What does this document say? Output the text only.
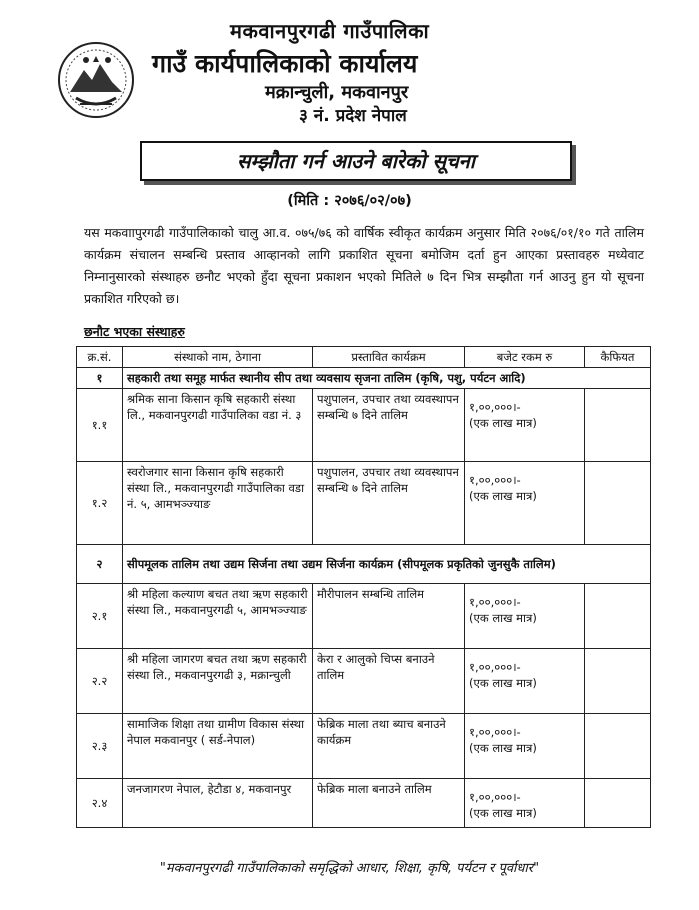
मकवानपुरगढी गाउँपालिका
गाउँ कार्यपालिकाको कार्यालय
मक्रान्चुली, मकवानपुर
३ नं. प्रदेश नेपाल
सम्झौता गर्न आउने बारेको सूचना
(मिति : २०७६/०२/०७)
यस मकवाापुरगढी गाउँपालिकाको चालु आ.व. ०७५/७६ को वार्षिक स्वीकृत कार्यक्रम अनुसार मिति २०७६/०१/१० गते तालिम कार्यक्रम संचालन सम्बन्धि प्रस्ताव आव्हानको लागि प्रकाशित सूचना बमोजिम दर्ता हुन आएका प्रस्तावहरु मध्येवाट निम्नानुसारको संस्थाहरु छनौट भएको हुँदा सूचना प्रकाशन भएको मितिले ७ दिन भित्र सम्झौता गर्न आउनु हुन यो सूचना प्रकाशित गरिएको छ।
छनौट भएका संस्थाहरु
क्र.सं.	संस्थाको नाम, ठेगाना	प्रस्तावित कार्यक्रम	बजेट रकम रु	कैफियत
१	सहकारी तथा समूह मार्फत स्थानीय सीप तथा व्यवसाय सृजना तालिम (कृषि, पशु, पर्यटन आदि)			
१.१	श्रमिक साना किसान कृषि सहकारी संस्था लि., मकवानपुरगढी गाउँपालिका वडा नं. ३	पशुपालन, उपचार तथा व्यवस्थापन सम्बन्धि ७ दिने तालिम	१,००,०००।-
(एक लाख मात्र)	

१.२	स्वरोजगार साना किसान कृषि सहकारी संस्था लि., मकवानपुरगढी गाउँपालिका वडा नं. ५, आमभञ्ज्याङ	पशुपालन, उपचार तथा व्यवस्थापन सम्बन्धि ७ दिने तालिम	१,००,०००।-
(एक लाख मात्र)	

२	सीपमूलक तालिम तथा उद्यम सिर्जना तथा उद्यम सिर्जना कार्यक्रम (सीपमूलक प्रकृतिको जुनसुकै तालिम)			
२.१	श्री महिला कल्याण बचत तथा ऋण सहकारी संस्था लि., मकवानपुरगढी ५, आमभञ्ज्याङ	मौरीपालन सम्बन्धि तालिम	१,००,०००।-
(एक लाख मात्र)	

२.२	श्री महिला जागरण बचत तथा ऋण सहकारी संस्था लि., मकवानपुरगढी ३, मक्रान्चुली	केरा र आलुको चिप्स बनाउने तालिम	१,००,०००।-
(एक लाख मात्र)	

२.३	सामाजिक शिक्षा तथा ग्रामीण विकास संस्था नेपाल मकवानपुर ( सर्ड-नेपाल)	फेब्रिक माला तथा ब्याच बनाउने कार्यक्रम	१,००,०००।-
(एक लाख मात्र)	

२.४	जनजागरण नेपाल, हेटौडा ४, मकवानपुर	फेब्रिक माला बनाउने तालिम	१,००,०००।-
(एक लाख मात्र)	

"मकवानपुरगढी गाउँपालिकाको समृद्धिको आधार, शिक्षा, कृषि, पर्यटन र पूर्वाधार"
